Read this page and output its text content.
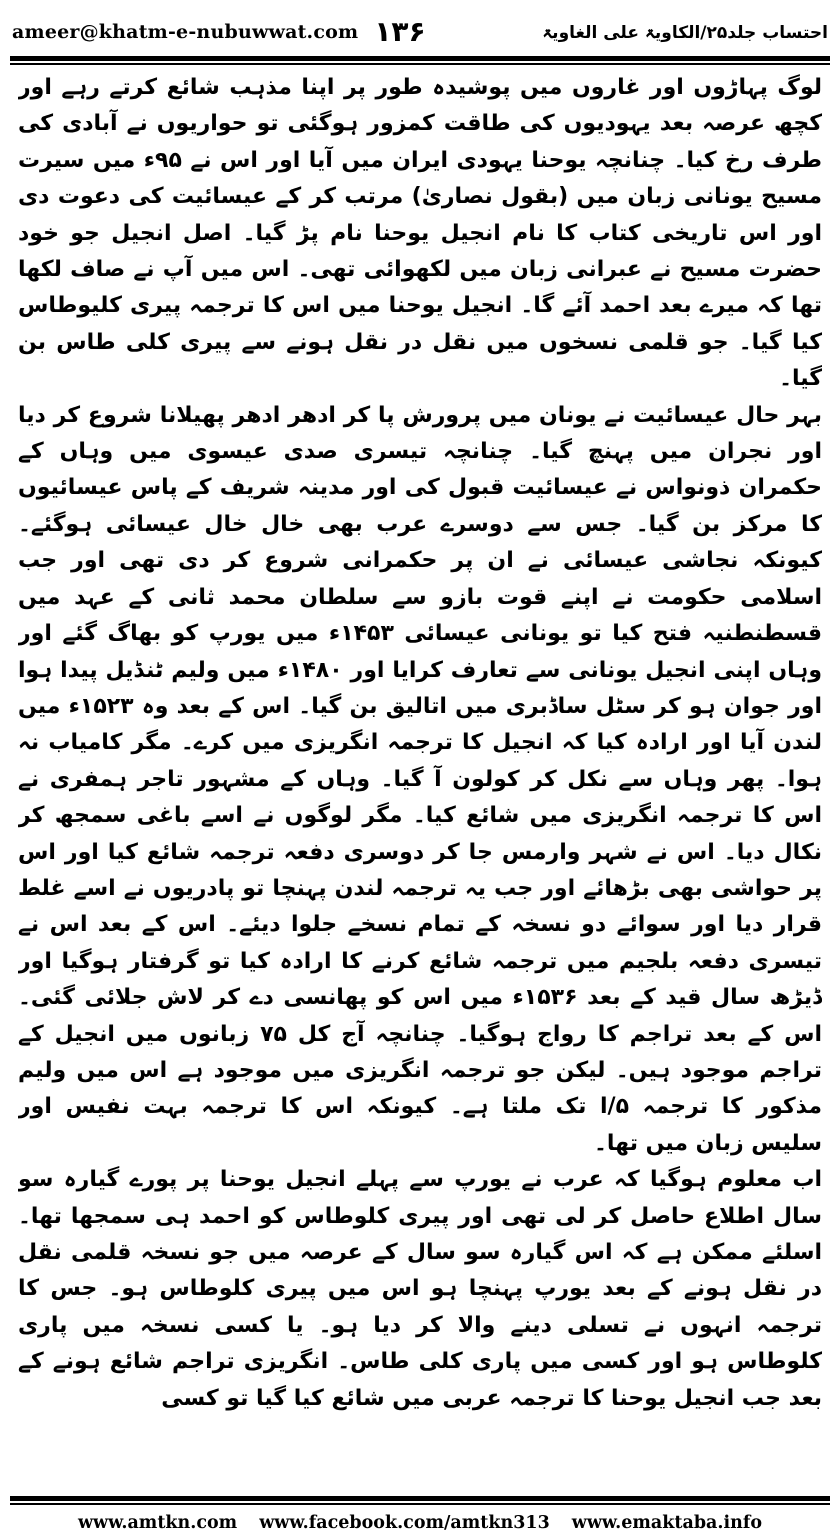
ameer@khatm-e-nubuwwat.com ۱۳۶	احتساب جلد۲۵/الکاویۃ علی الغاویۃ

لوگ پہاڑوں اور غاروں میں پوشیدہ طور پر اپنا مذہب شائع کرتے رہے اور کچھ عرصہ بعد یہودیوں کی طاقت کمزور ہوگئی تو حواریوں نے آبادی کی طرف رخ کیا۔ چنانچہ یوحنا یہودی ایران میں آیا اور اس نے ۹۵ء میں سیرت مسیح یونانی زبان میں (بقول نصاریٰ) مرتب کر کے عیسائیت کی دعوت دی اور اس تاریخی کتاب کا نام انجیل یوحنا نام پڑ گیا۔ اصل انجیل جو خود حضرت مسیح نے عبرانی زبان میں لکھوائی تھی۔ اس میں آپ نے صاف لکھا تھا کہ میرے بعد احمد آئے گا۔ انجیل یوحنا میں اس کا ترجمہ پیری کلیوطاس کیا گیا۔ جو قلمی نسخوں میں نقل در نقل ہونے سے پیری کلی طاس بن گیا۔

بہر حال عیسائیت نے یونان میں پرورش پا کر ادھر ادھر پھیلانا شروع کر دیا اور نجران میں پہنچ گیا۔ چنانچہ تیسری صدی عیسوی میں وہاں کے حکمران ذونواس نے عیسائیت قبول کی اور مدینہ شریف کے پاس عیسائیوں کا مرکز بن گیا۔ جس سے دوسرے عرب بھی خال خال عیسائی ہوگئے۔ کیونکہ نجاشی عیسائی نے ان پر حکمرانی شروع کر دی تھی اور جب اسلامی حکومت نے اپنے قوت بازو سے سلطان محمد ثانی کے عہد میں قسطنطنیہ فتح کیا تو یونانی عیسائی ۱۴۵۳ء میں یورپ کو بھاگ گئے اور وہاں اپنی انجیل یونانی سے تعارف کرایا اور ۱۴۸۰ء میں ولیم ٹنڈیل پیدا ہوا اور جوان ہو کر سٹل ساڈبری میں اتالیق بن گیا۔ اس کے بعد وہ ۱۵۲۳ء میں لندن آیا اور ارادہ کیا کہ انجیل کا ترجمہ انگریزی میں کرے۔ مگر کامیاب نہ ہوا۔ پھر وہاں سے نکل کر کولون آ گیا۔ وہاں کے مشہور تاجر ہمفری نے اس کا ترجمہ انگریزی میں شائع کیا۔ مگر لوگوں نے اسے باغی سمجھ کر نکال دیا۔ اس نے شہر وارمس جا کر دوسری دفعہ ترجمہ شائع کیا اور اس پر حواشی بھی بڑھائے اور جب یہ ترجمہ لندن پہنچا تو پادریوں نے اسے غلط قرار دیا اور سوائے دو نسخہ کے تمام نسخے جلوا دیئے۔ اس کے بعد اس نے تیسری دفعہ بلجیم میں ترجمہ شائع کرنے کا ارادہ کیا تو گرفتار ہوگیا اور ڈیڑھ سال قید کے بعد ۱۵۳۶ء میں اس کو پھانسی دے کر لاش جلائی گئی۔ اس کے بعد تراجم کا رواج ہوگیا۔ چنانچہ آج کل ۷۵ زبانوں میں انجیل کے تراجم موجود ہیں۔ لیکن جو ترجمہ انگریزی میں موجود ہے اس میں ولیم مذکور کا ترجمہ ۵/ا تک ملتا ہے۔ کیونکہ اس کا ترجمہ بہت نفیس اور سلیس زبان میں تھا۔

اب معلوم ہوگیا کہ عرب نے یورپ سے پہلے انجیل یوحنا پر پورے گیارہ سو سال اطلاع حاصل کر لی تھی اور پیری کلوطاس کو احمد ہی سمجھا تھا۔ اسلئے ممکن ہے کہ اس گیارہ سو سال کے عرصہ میں جو نسخہ قلمی نقل در نقل ہونے کے بعد یورپ پہنچا ہو اس میں پیری کلوطاس ہو۔ جس کا ترجمہ انہوں نے تسلی دینے والا کر دیا ہو۔ یا کسی نسخہ میں پاری کلوطاس ہو اور کسی میں پاری کلی طاس۔ انگریزی تراجم شائع ہونے کے بعد جب انجیل یوحنا کا ترجمہ عربی میں شائع کیا گیا تو کسی

www.amtkn.com www.facebook.com/amtkn313 www.emaktaba.info
